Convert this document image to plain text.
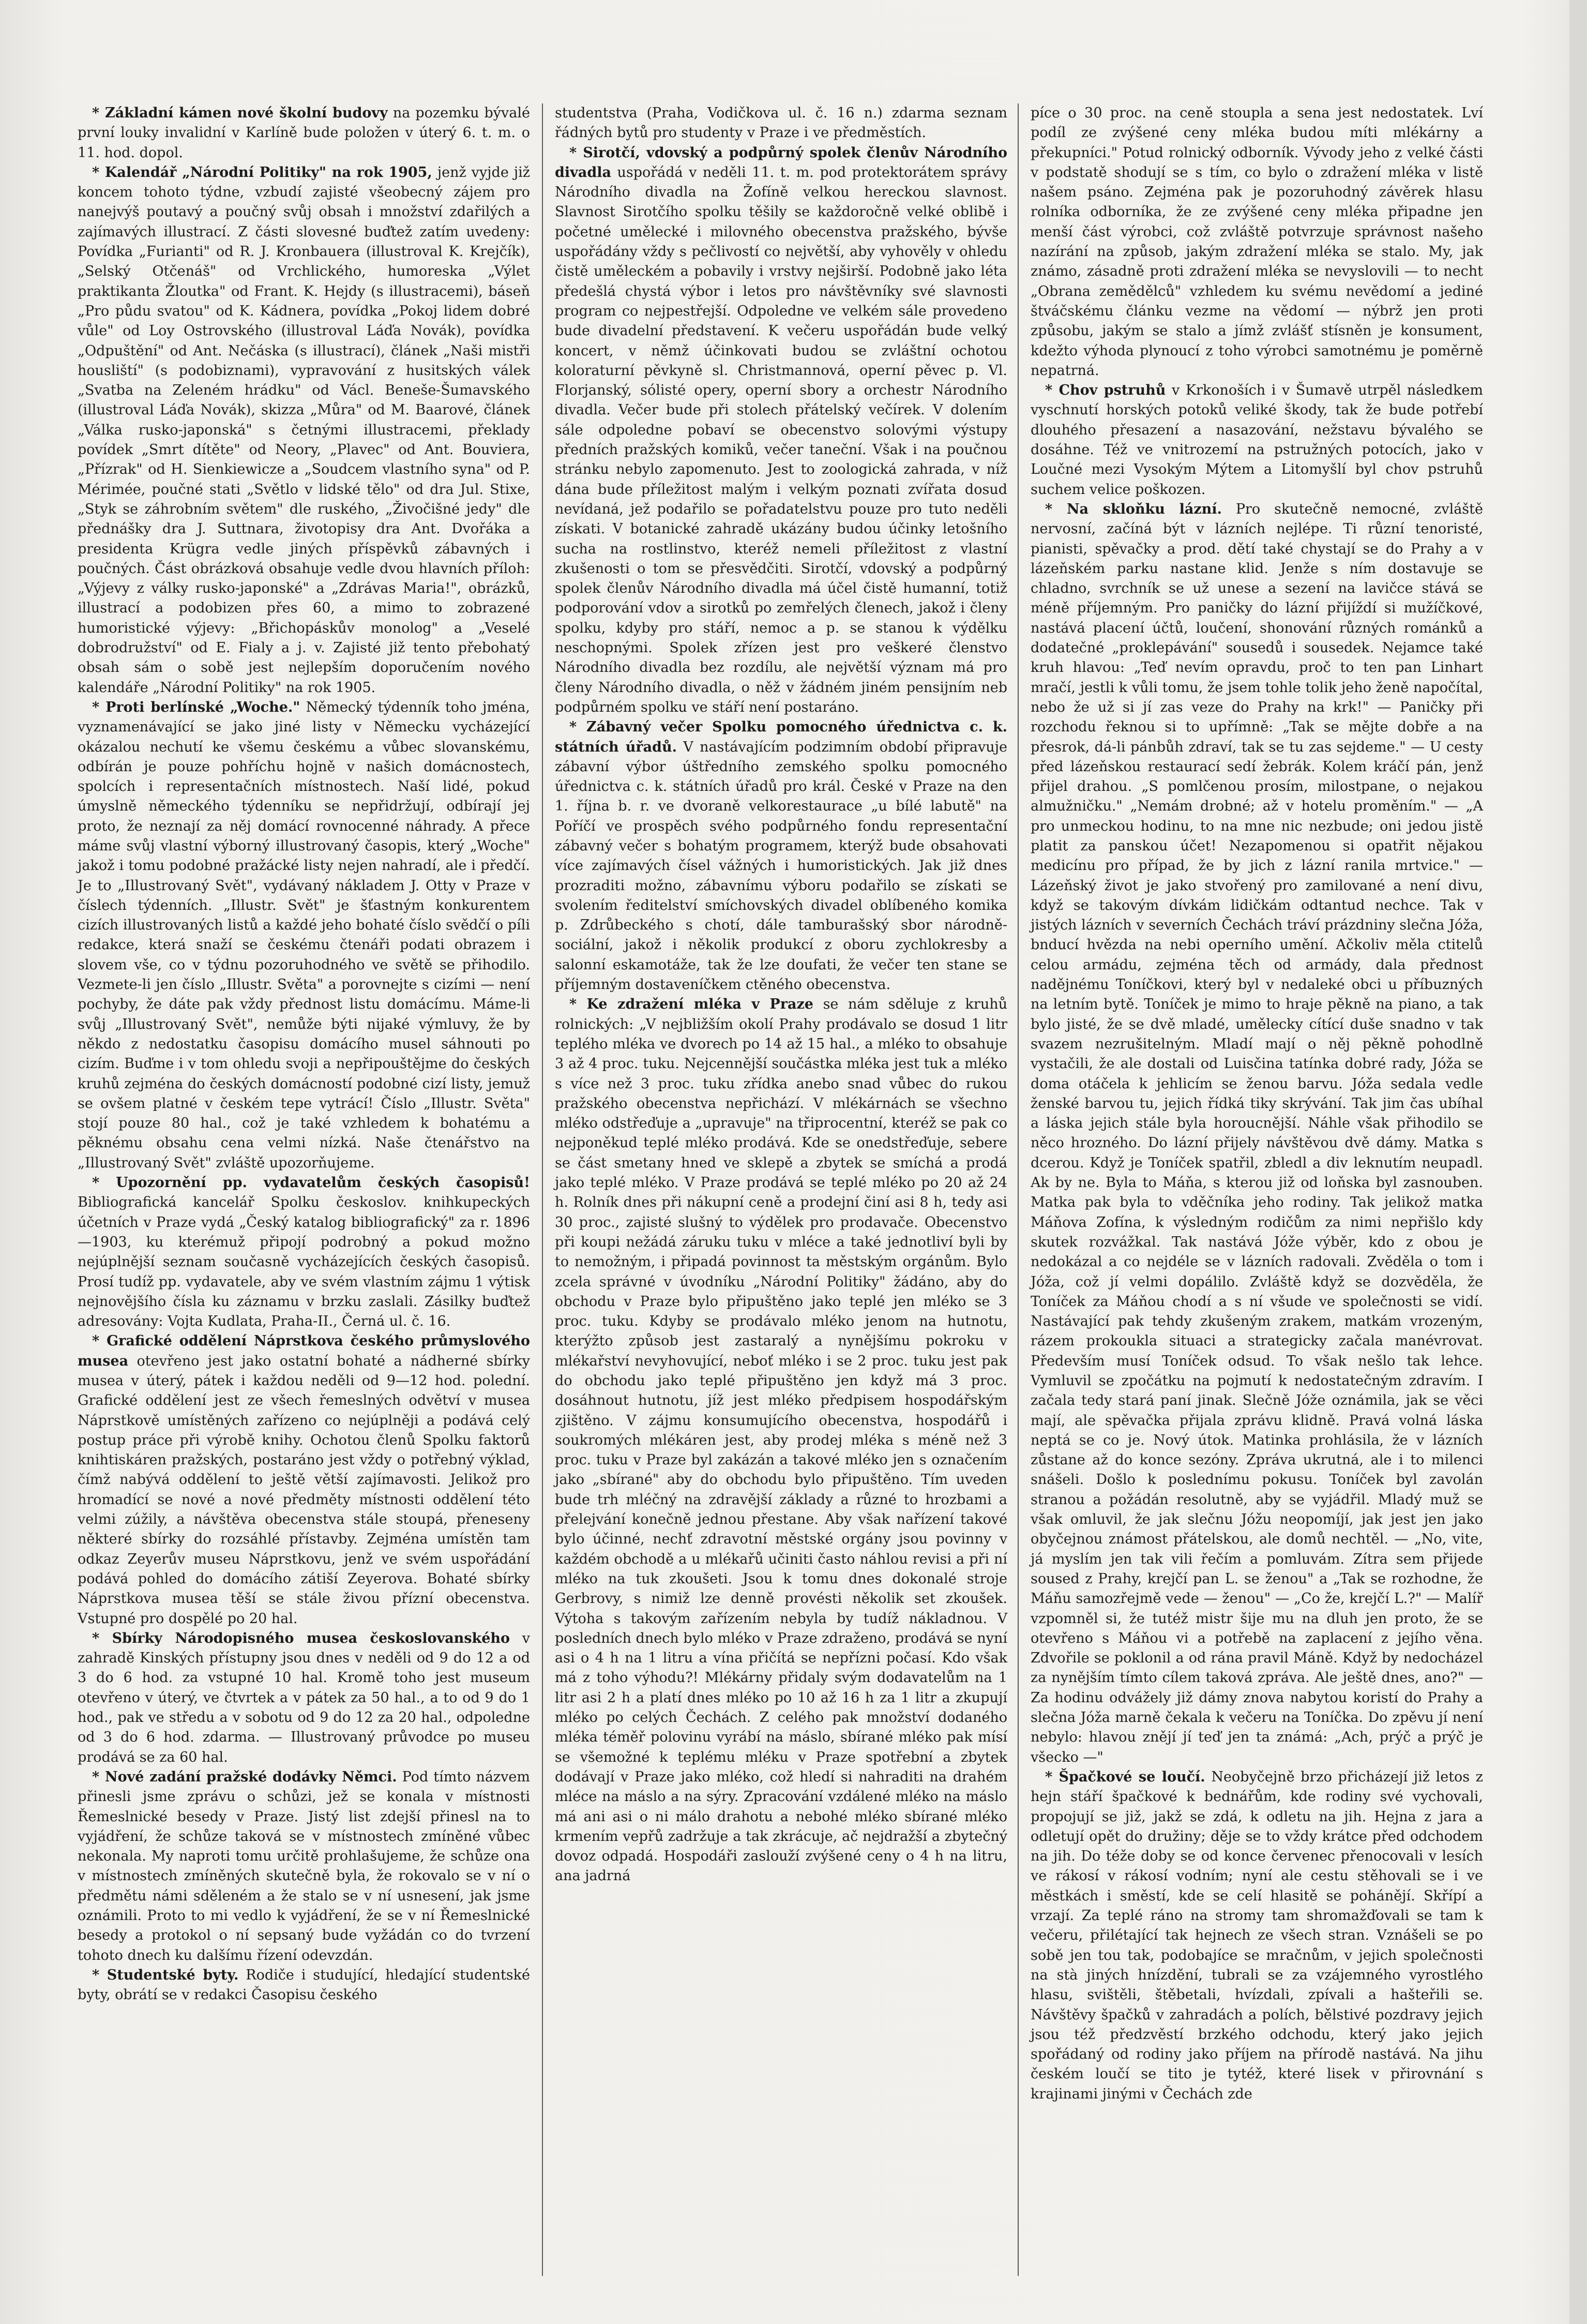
* Základní kámen nové školní budovy na pozemku bývalé první louky invalidní v Karlíně bude položen v úterý 6. t. m. o 11. hod. dopol.

* Kalendář „Národní Politiky" na rok 1905, jenž vyjde již koncem tohoto týdne, vzbudí zajisté všeobecný zájem pro nanejvýš poutavý a poučný svůj obsah i množství zdařilých a zajímavých illustrací. Z části slovesné buďtež zatím uvedeny: Povídka „Furianti" od R. J. Kronbauera (illustroval K. Krejčík), „Selský Otčenáš" od Vrchlického, humoreska „Výlet praktikanta Žloutka" od Frant. K. Hejdy (s illustracemi), báseň „Pro půdu svatou" od K. Kádnera, povídka „Pokoj lidem dobré vůle" od Loy Ostrovského (illustroval Láďa Novák), povídka „Odpuštění" od Ant. Nečáska (s illustrací), článek „Naši mistři housliští" (s podobiznami), vypravování z husitských válek „Svatba na Zeleném hrádku" od Václ. Beneše-Šumavského (illustroval Láďa Novák), skizza „Můra" od M. Baarové, článek „Válka rusko-japonská" s četnými illustracemi, překlady povídek „Smrt dítěte" od Neory, „Plavec" od Ant. Bouviera, „Přízrak" od H. Sienkiewicze a „Soudcem vlastního syna" od P. Mérimée, poučné stati „Světlo v lidské tělo" od dra Jul. Stixe, „Styk se záhrobním světem" dle ruského, „Živočišné jedy" dle přednášky dra J. Suttnara, životopisy dra Ant. Dvořáka a presidenta Krügra vedle jiných příspěvků zábavných i poučných. Část obrázková obsahuje vedle dvou hlavních příloh: „Výjevy z války rusko-japonské" a „Zdrávas Maria!", obrázků, illustrací a podobizen přes 60, a mimo to zobrazené humoristické výjevy: „Břichopáskův monolog" a „Veselé dobrodružství" od E. Fialy a j. v. Zajisté již tento přebohatý obsah sám o sobě jest nejlepším doporučením nového kalendáře „Národní Politiky" na rok 1905.

* Proti berlínské „Woche." Německý týdenník toho jména, vyznamenávající se jako jiné listy v Německu vycházející okázalou nechutí ke všemu českému a vůbec slovanskému, odbírán je pouze pohříchu hojně v našich domácnostech, spolcích i representačních místnostech. Naší lidé, pokud úmyslně německého týdenníku se nepřidržují, odbírají jej proto, že neznají za něj domácí rovnocenné náhrady. A přece máme svůj vlastní výborný illustrovaný časopis, který „Woche" jakož i tomu podobné pražácké listy nejen nahradí, ale i předčí. Je to „Illustrovaný Svět", vydávaný nákladem J. Otty v Praze v číslech týdenních. „Illustr. Svět" je šťastným konkurentem cizích illustrovaných listů a každé jeho bohaté číslo svědčí o píli redakce, která snaží se českému čtenáři podati obrazem i slovem vše, co v týdnu pozoruhodného ve světě se přihodilo. Vezmete-li jen číslo „Illustr. Světa" a porovnejte s cizími — není pochyby, že dáte pak vždy přednost listu domácímu. Máme-li svůj „Illustrovaný Svět", nemůže býti nijaké výmluvy, že by někdo z nedostatku časopisu domácího musel sáhnouti po cizím. Buďme i v tom ohledu svoji a nepřipouštějme do českých kruhů zejména do českých domácností podobné cizí listy, jemuž se ovšem platné v českém tepe vytrácí! Číslo „Illustr. Světa" stojí pouze 80 hal., což je také vzhledem k bohatému a pěknému obsahu cena velmi nízká. Naše čtenářstvo na „Illustrovaný Svět" zvláště upozorňujeme.

* Upozornění pp. vydavatelům českých časopisů! Bibliografická kancelář Spolku českoslov. knihkupeckých účetních v Praze vydá „Český katalog bibliografický" za r. 1896—1903, ku kterémuž připojí podrobný a pokud možno nejúplnější seznam současně vycházejících českých časopisů. Prosí tudíž pp. vydavatele, aby ve svém vlastním zájmu 1 výtisk nejnovějšího čísla ku záznamu v brzku zaslali. Zásilky buďtež adresovány: Vojta Kudlata, Praha-II., Černá ul. č. 16.

* Grafické oddělení Náprstkova českého průmyslového musea otevřeno jest jako ostatní bohaté a nádherné sbírky musea v úterý, pátek i každou neděli od 9—12 hod. polední. Grafické oddělení jest ze všech řemeslných odvětví v musea Náprstkově umístěných zařízeno co nejúplněji a podává celý postup práce při výrobě knihy. Ochotou členů Spolku faktorů knihtiskáren pražských, postaráno jest vždy o potřebný výklad, čímž nabývá oddělení to ještě větší zajímavosti. Jelikož pro hromadící se nové a nové předměty místnosti oddělení této velmi zúžily, a návštěva obecenstva stále stoupá, přeneseny některé sbírky do rozsáhlé přístavby. Zejména umístěn tam odkaz Zeyerův museu Náprstkovu, jenž ve svém uspořádání podává pohled do domácího zátiší Zeyerova. Bohaté sbírky Náprstkova musea těší se stále živou přízní obecenstva. Vstupné pro dospělé po 20 hal.

* Sbírky Národopisného musea českoslovanského v zahradě Kinských přístupny jsou dnes v neděli od 9 do 12 a od 3 do 6 hod. za vstupné 10 hal. Kromě toho jest museum otevřeno v úterý, ve čtvrtek a v pátek za 50 hal., a to od 9 do 1 hod., pak ve středu a v sobotu od 9 do 12 za 20 hal., odpoledne od 3 do 6 hod. zdarma. — Illustrovaný průvodce po museu prodává se za 60 hal.

* Nové zadání pražské dodávky Němci. Pod tímto názvem přinesli jsme zprávu o schůzi, jež se konala v místnosti Řemeslnické besedy v Praze. Jistý list zdejší přinesl na to vyjádření, že schůze taková se v místnostech zmíněné vůbec nekonala. My naproti tomu určitě prohlašujeme, že schůze ona v místnostech zmíněných skutečně byla, že rokovalo se v ní o předmětu námi sděleném a že stalo se v ní usnesení, jak jsme oznámili. Proto to mi vedlo k vyjádření, že se v ní Řemeslnické besedy a protokol o ní sepsaný bude vyžádán co do tvrzení tohoto dnech ku dalšímu řízení odevzdán.

* Studentské byty. Rodiče i studující, hledající studentské byty, obrátí se v redakci Časopisu českého

studentstva (Praha, Vodičkova ul. č. 16 n.) zdarma seznam řádných bytů pro studenty v Praze i ve předměstích.

* Sirotčí, vdovský a podpůrný spolek členův Národního divadla uspořádá v neděli 11. t. m. pod protektorátem správy Národního divadla na Žofíně velkou hereckou slavnost. Slavnost Sirotčího spolku těšily se každoročně velké oblibě i početné umělecké i milovného obecenstva pražského, bývše uspořádány vždy s pečlivostí co největší, aby vyhověly v ohledu čistě uměleckém a pobavily i vrstvy nejširší. Podobně jako léta předešlá chystá výbor i letos pro návštěvníky své slavnosti program co nejpestřejší. Odpoledne ve velkém sále provedeno bude divadelní představení. K večeru uspořádán bude velký koncert, v němž účinkovati budou se zvláštní ochotou koloraturní pěvkyně sl. Christmannová, operní pěvec p. Vl. Florjanský, sólisté opery, operní sbory a orchestr Národního divadla. Večer bude při stolech přátelský večírek. V dolením sále odpoledne pobaví se obecenstvo solovými výstupy předních pražských komiků, večer taneční. Však i na poučnou stránku nebylo zapomenuto. Jest to zoologická zahrada, v níž dána bude příležitost malým i velkým poznati zvířata dosud nevídaná, jež podařilo se pořadatelstvu pouze pro tuto neděli získati. V botanické zahradě ukázány budou účinky letošního sucha na rostlinstvo, kteréž nemeli příležitost z vlastní zkušenosti o tom se přesvědčiti. Sirotčí, vdovský a podpůrný spolek členův Národního divadla má účel čistě humanní, totiž podporování vdov a sirotků po zemřelých členech, jakož i členy spolku, kdyby pro stáří, nemoc a p. se stanou k výdělku neschopnými. Spolek zřízen jest pro veškeré členstvo Národního divadla bez rozdílu, ale největší význam má pro členy Národního divadla, o něž v žádném jiném pensijním neb podpůrném spolku ve stáří není postaráno.

* Zábavný večer Spolku pomocného úřednictva c. k. státních úřadů. V nastávajícím podzimním období připravuje zábavní výbor úštředního zemského spolku pomocného úřednictva c. k. státních úřadů pro král. České v Praze na den 1. října b. r. ve dvoraně velkorestaurace „u bílé labutě" na Poříčí ve prospěch svého podpůrného fondu representační zábavný večer s bohatým programem, kterýž bude obsahovati více zajímavých čísel vážných i humoristických. Jak již dnes prozraditi možno, zábavnímu výboru podařilo se získati se svolením ředitelství smíchovských divadel oblíbeného komika p. Zdrůbeckého s chotí, dále tamburašský sbor národně-sociální, jakož i několik produkcí z oboru zychlokresby a salonní eskamotáže, tak že lze doufati, že večer ten stane se příjemným dostaveníčkem ctěného obecenstva.

* Ke zdražení mléka v Praze se nám sděluje z kruhů rolnických: „V nejbližším okolí Prahy prodávalo se dosud 1 litr teplého mléka ve dvorech po 14 až 15 hal., a mléko to obsahuje 3 až 4 proc. tuku. Nejcennější součástka mléka jest tuk a mléko s více než 3 proc. tuku zřídka anebo snad vůbec do rukou pražského obecenstva nepřichází. V mlékárnách se všechno mléko odstřeďuje a „upravuje" na třiprocentní, kteréž se pak co nejponěkud teplé mléko prodává. Kde se onedstřeďuje, sebere se část smetany hned ve sklepě a zbytek se smíchá a prodá jako teplé mléko. V Praze prodává se teplé mléko po 20 až 24 h. Rolník dnes při nákupní ceně a prodejní činí asi 8 h, tedy asi 30 proc., zajisté slušný to výdělek pro prodavače. Obecenstvo při koupi nežádá záruku tuku v mléce a také jednotliví byli by to nemožným, i připadá povinnost ta městským orgánům. Bylo zcela správné v úvodníku „Národní Politiky" žádáno, aby do obchodu v Praze bylo připuštěno jako teplé jen mléko se 3 proc. tuku. Kdyby se prodávalo mléko jenom na hutnotu, kterýžto způsob jest zastaralý a nynějšímu pokroku v mlékařství nevyhovující, neboť mléko i se 2 proc. tuku jest pak do obchodu jako teplé připuštěno jen když má 3 proc. dosáhnout hutnotu, jíž jest mléko předpisem hospodářským zjištěno. V zájmu konsumujícího obecenstva, hospodářů i soukromých mlékáren jest, aby prodej mléka s méně než 3 proc. tuku v Praze byl zakázán a takové mléko jen s označením jako „sbírané" aby do obchodu bylo připuštěno. Tím uveden bude trh mléčný na zdravější základy a různé to hrozbami a přelejvání konečně jednou přestane. Aby však nařízení takové bylo účinné, nechť zdravotní městské orgány jsou povinny v každém obchodě a u mlékařů učiniti často náhlou revisi a při ní mléko na tuk zkoušeti. Jsou k tomu dnes dokonalé stroje Gerbrovy, s nimiž lze denně provésti několik set zkoušek. Výtoha s takovým zařízením nebyla by tudíž nákladnou. V posledních dnech bylo mléko v Praze zdraženo, prodává se nyní asi o 4 h na 1 litru a vína přičítá se nepřízni počasí. Kdo však má z toho výhodu?! Mlékárny přidaly svým dodavatelům na 1 litr asi 2 h a platí dnes mléko po 10 až 16 h za 1 litr a zkupují mléko po celých Čechách. Z celého pak množství dodaného mléka téměř polovinu vyrábí na máslo, sbírané mléko pak mísí se všemožné k teplému mléku v Praze spotřební a zbytek dodávají v Praze jako mléko, což hledí si nahraditi na drahém mléce na máslo a na sýry. Zpracování vzdálené mléko na máslo má ani asi o ni málo drahotu a nebohé mléko sbírané mléko krmením vepřů zadržuje a tak zkrácuje, ač nejdražší a zbytečný dovoz odpadá. Hospodáři zaslouží zvýšené ceny o 4 h na litru, ana jadrná

píce o 30 proc. na ceně stoupla a sena jest nedostatek. Lví podíl ze zvýšené ceny mléka budou míti mlékárny a překupníci." Potud rolnický odborník. Vývody jeho z velké části v podstatě shodují se s tím, co bylo o zdražení mléka v listě našem psáno. Zejména pak je pozoruhodný závěrek hlasu rolníka odborníka, že ze zvýšené ceny mléka připadne jen menší část výrobci, což zvláště potvrzuje správnost našeho nazírání na způsob, jakým zdražení mléka se stalo. My, jak známo, zásadně proti zdražení mléka se nevyslovili — to necht „Obrana zemědělců" vzhledem ku svému nevědomí a jediné štváčskému článku vezme na vědomí — nýbrž jen proti způsobu, jakým se stalo a jímž zvlášť stísněn je konsument, kdežto výhoda plynoucí z toho výrobci samotnému je poměrně nepatrná.

* Chov pstruhů v Krkonoších i v Šumavě utrpěl následkem vyschnutí horských potoků veliké škody, tak že bude potřebí dlouhého přesazení a nasazování, nežstavu bývalého se dosáhne. Též ve vnitrozemí na pstružných potocích, jako v Loučné mezi Vysokým Mýtem a Litomyšlí byl chov pstruhů suchem velice poškozen.

* Na skloňku lázní. Pro skutečně nemocné, zvláště nervosní, začíná být v lázních nejlépe. Ti různí tenoristé, pianisti, spěvačky a prod. dětí také chystají se do Prahy a v lázeňském parku nastane klid. Jenže s ním dostavuje se chladno, svrchník se už unese a sezení na lavičce stává se méně příjemným. Pro paničky do lázní přijíždí si mužíčkové, nastává placení účtů, loučení, shonování různých románků a dodatečné „proklepávání" sousedů i sousedek. Nejamce také kruh hlavou: „Teď nevím opravdu, proč to ten pan Linhart mračí, jestli k vůli tomu, že jsem tohle tolik jeho ženě napočítal, nebo že už si jí zas veze do Prahy na krk!" — Paničky při rozchodu řeknou si to upřímně: „Tak se mějte dobře a na přesrok, dá-li pánbůh zdraví, tak se tu zas sejdeme." — U cesty před lázeňskou restaurací sedí žebrák. Kolem kráčí pán, jenž přijel drahou. „S pomlčenou prosím, milostpane, o nejakou almužničku." „Nemám drobné; až v hotelu proměním." — „A pro unmeckou hodinu, to na mne nic nezbude; oni jedou jistě platit za panskou účet! Nezapomenou si opatřit nějakou medicínu pro případ, že by jich z lázní ranila mrtvice." — Lázeňský život je jako stvořený pro zamilované a není divu, když se takovým dívkám lidičkám odtantud nechce. Tak v jistých lázních v severních Čechách tráví prázdniny slečna Jóža, bnducí hvězda na nebi operního umění. Ačkoliv měla ctitelů celou armádu, zejména těch od armády, dala přednost nadějnému Toníčkovi, který byl v nedaleké obci u příbuzných na letním bytě. Toníček je mimo to hraje pěkně na piano, a tak bylo jisté, že se dvě mladé, umělecky cítící duše snadno v tak svazem nezrušitelným. Mladí mají o něj pěkně pohodlně vystačili, že ale dostali od Luisčina tatínka dobré rady, Jóža se doma otáčela k jehlicím se ženou barvu. Jóža sedala vedle ženské barvou tu, jejich řídká tiky skrývání. Tak jim čas ubíhal a láska jejich stále byla horoucnější. Náhle však přihodilo se něco hrozného. Do lázní přijely návštěvou dvě dámy. Matka s dcerou. Když je Toníček spatřil, zbledl a div leknutím neupadl. Ak by ne. Byla to Máňa, s kterou již od loňska byl zasnouben. Matka pak byla to vděčníka jeho rodiny. Tak jelikož matka Máňova Zofína, k výsledným rodičům za nimi nepřišlo kdy skutek rozvážkal. Tak nastává Jóže výběr, kdo z obou je nedokázal a co nejdéle se v lázních radovali. Zvěděla o tom i Jóža, což jí velmi dopálilo. Zvláště když se dozvěděla, že Toníček za Máňou chodí a s ní všude ve společnosti se vidí. Nastávající pak tehdy zkušeným zrakem, matkám vrozeným, rázem prokoukla situaci a strategicky začala manévrovat. Především musí Toníček odsud. To však nešlo tak lehce. Vymluvil se zpočátku na pojmutí k nedostatečným zdravím. I začala tedy stará paní jinak. Slečně Jóže oznámila, jak se věci mají, ale spěvačka přijala zprávu klidně. Pravá volná láska neptá se co je. Nový útok. Matinka prohlásila, že v lázních zůstane až do konce sezóny. Zpráva ukrutná, ale i to milenci snášeli. Došlo k poslednímu pokusu. Toníček byl zavolán stranou a požádán resolutně, aby se vyjádřil. Mladý muž se však omluvil, že jak slečnu Jóžu neopomíjí, jak jest jen jako obyčejnou známost přátelskou, ale domů nechtěl. — „No, vite, já myslím jen tak vili řečím a pomluvám. Zítra sem přijede soused z Prahy, krejčí pan L. se ženou" a „Tak se rozhodne, že Máňu samozřejmě vede — ženou" — „Co že, krejčí L.?" — Malíř vzpomněl si, že tutéž mistr šije mu na dluh jen proto, že se otevřeno s Máňou vi a potřebě na zaplacení z jejího věna. Zdvořile se poklonil a od rána pravil Máně. Když by nedocházel za nynějším tímto cílem taková zpráva. Ale ještě dnes, ano?" — Za hodinu odvážely již dámy znova nabytou koristí do Prahy a slečna Jóža marně čekala k večeru na Toníčka. Do zpěvu jí není nebylo: hlavou znějí jí teď jen ta známá: „Ach, prýč a prýč je všecko —"

* Špačkové se loučí. Neobyčejně brzo přicházejí již letos z hejn stáří špačkové k bednářům, kde rodiny své vychovali, propojují se již, jakž se zdá, k odletu na jih. Hejna z jara a odletují opět do družiny; děje se to vždy krátce před odchodem na jih. Do téže doby se od konce červenec přenocovali v lesích ve rákosí v rákosí vodním; nyní ale cestu stěhovali se i ve městkách i směstí, kde se celí hlasitě se pohánějí. Skřípí a vrzají. Za teplé ráno na stromy tam shromažďovali se tam k večeru, přilétající tak hejnech ze všech stran. Vznášeli se po sobě jen tou tak, podobajíce se mračnům, v jejich společnosti na stà jiných hnízdění, tubrali se za vzájemného vyrostlého hlasu, svištěli, štěbetali, hvízdali, zpívali a hašteřili se. Návštěvy špačků v zahradách a polích, bělstivé pozdravy jejich jsou též předzvěstí brzkého odchodu, který jako jejich spořádaný od rodiny jako příjem na přírodě nastává. Na jihu českém loučí se tito je tytéž, které lisek v přirovnání s krajinami jinými v Čechách zde
